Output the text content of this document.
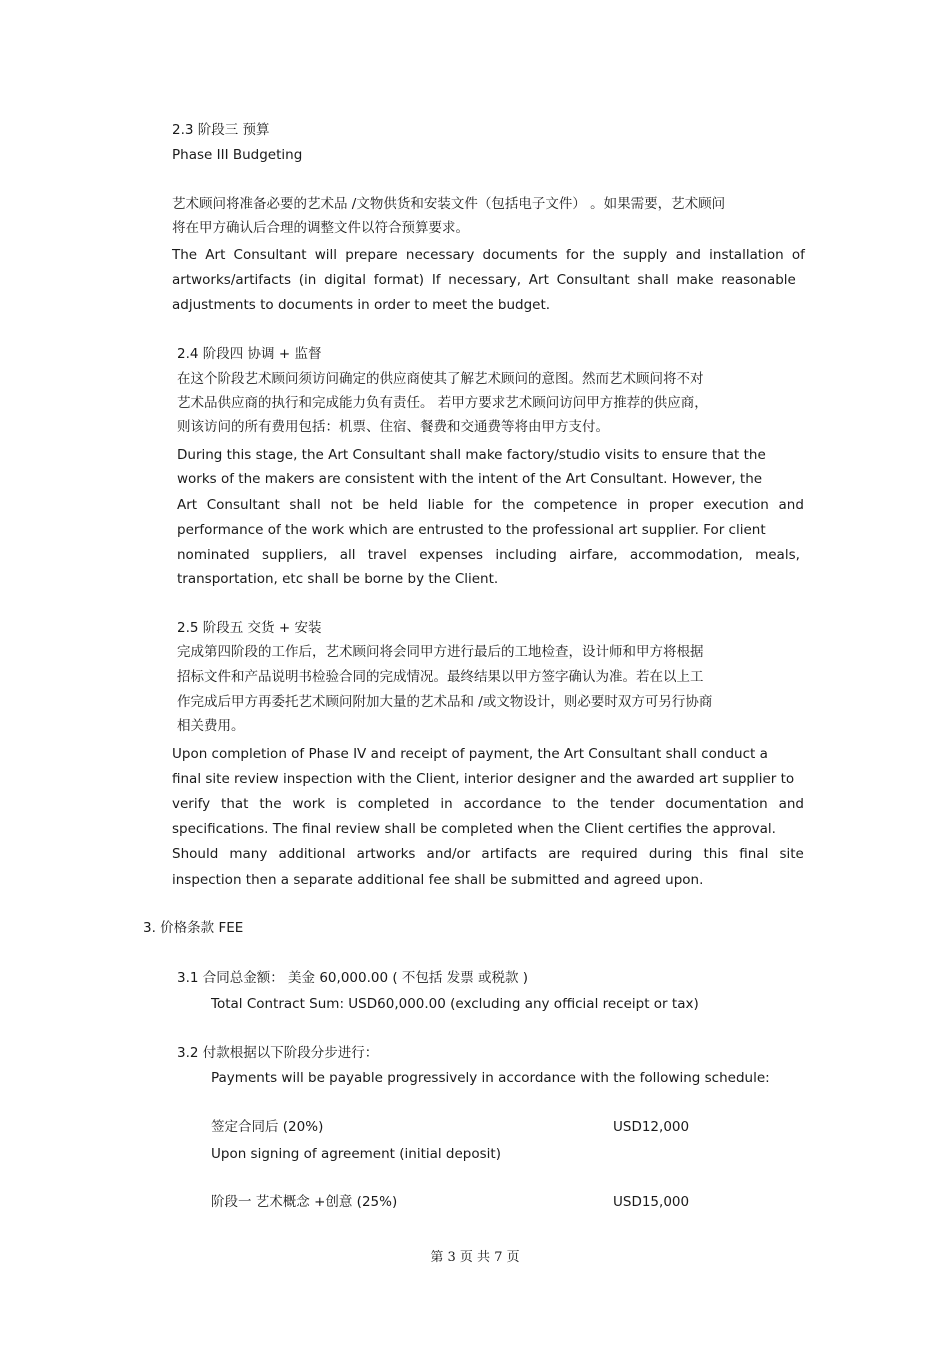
2.3 阶段三 预算
Phase III Budgeting
艺术顾问将准备必要的艺术品 /文物供货和安装文件（包括电子文件） 。如果需要，艺术顾问
将在甲方确认后合理的调整文件以符合预算要求。
The Art Consultant will prepare necessary documents for the supply and installation of
artworks/artifacts (in digital format) If necessary, Art Consultant shall make reasonable
adjustments to documents in order to meet the budget.
2.4 阶段四 协调 + 监督
在这个阶段艺术顾问须访问确定的供应商使其了解艺术顾问的意图。然而艺术顾问将不对
艺术品供应商的执行和完成能力负有责任。 若甲方要求艺术顾问访问甲方推荐的供应商，
则该访问的所有费用包括：机票、住宿、餐费和交通费等将由甲方支付。
During this stage, the Art Consultant shall make factory/studio visits to ensure that the
works of the makers are consistent with the intent of the Art Consultant. However, the
Art Consultant shall not be held liable for the competence in proper execution and
performance of the work which are entrusted to the professional art supplier. For client
nominated suppliers, all travel expenses including airfare, accommodation, meals,
transportation, etc shall be borne by the Client.
2.5 阶段五 交货 + 安装
完成第四阶段的工作后，艺术顾问将会同甲方进行最后的工地检查，设计师和甲方将根据
招标文件和产品说明书检验合同的完成情况。最终结果以甲方签字确认为准。若在以上工
作完成后甲方再委托艺术顾问附加大量的艺术品和 /或文物设计，则必要时双方可另行协商
相关费用。
Upon completion of Phase IV and receipt of payment, the Art Consultant shall conduct a
final site review inspection with the Client, interior designer and the awarded art supplier to
verify that the work is completed in accordance to the tender documentation and
specifications. The final review shall be completed when the Client certifies the approval.
Should many additional artworks and/or artifacts are required during this final site
inspection then a separate additional fee shall be submitted and agreed upon.
3. 价格条款 FEE
3.1 合同总金额： 美金 60,000.00 ( 不包括 发票 或税款 )
Total Contract Sum: USD60,000.00 (excluding any official receipt or tax)
3.2 付款根据以下阶段分步进行：
Payments will be payable progressively in accordance with the following schedule:
签定合同后 (20%)	USD12,000
Upon signing of agreement (initial deposit)
阶段一 艺术概念 +创意 (25%)	USD15,000
第 3 页 共 7 页
